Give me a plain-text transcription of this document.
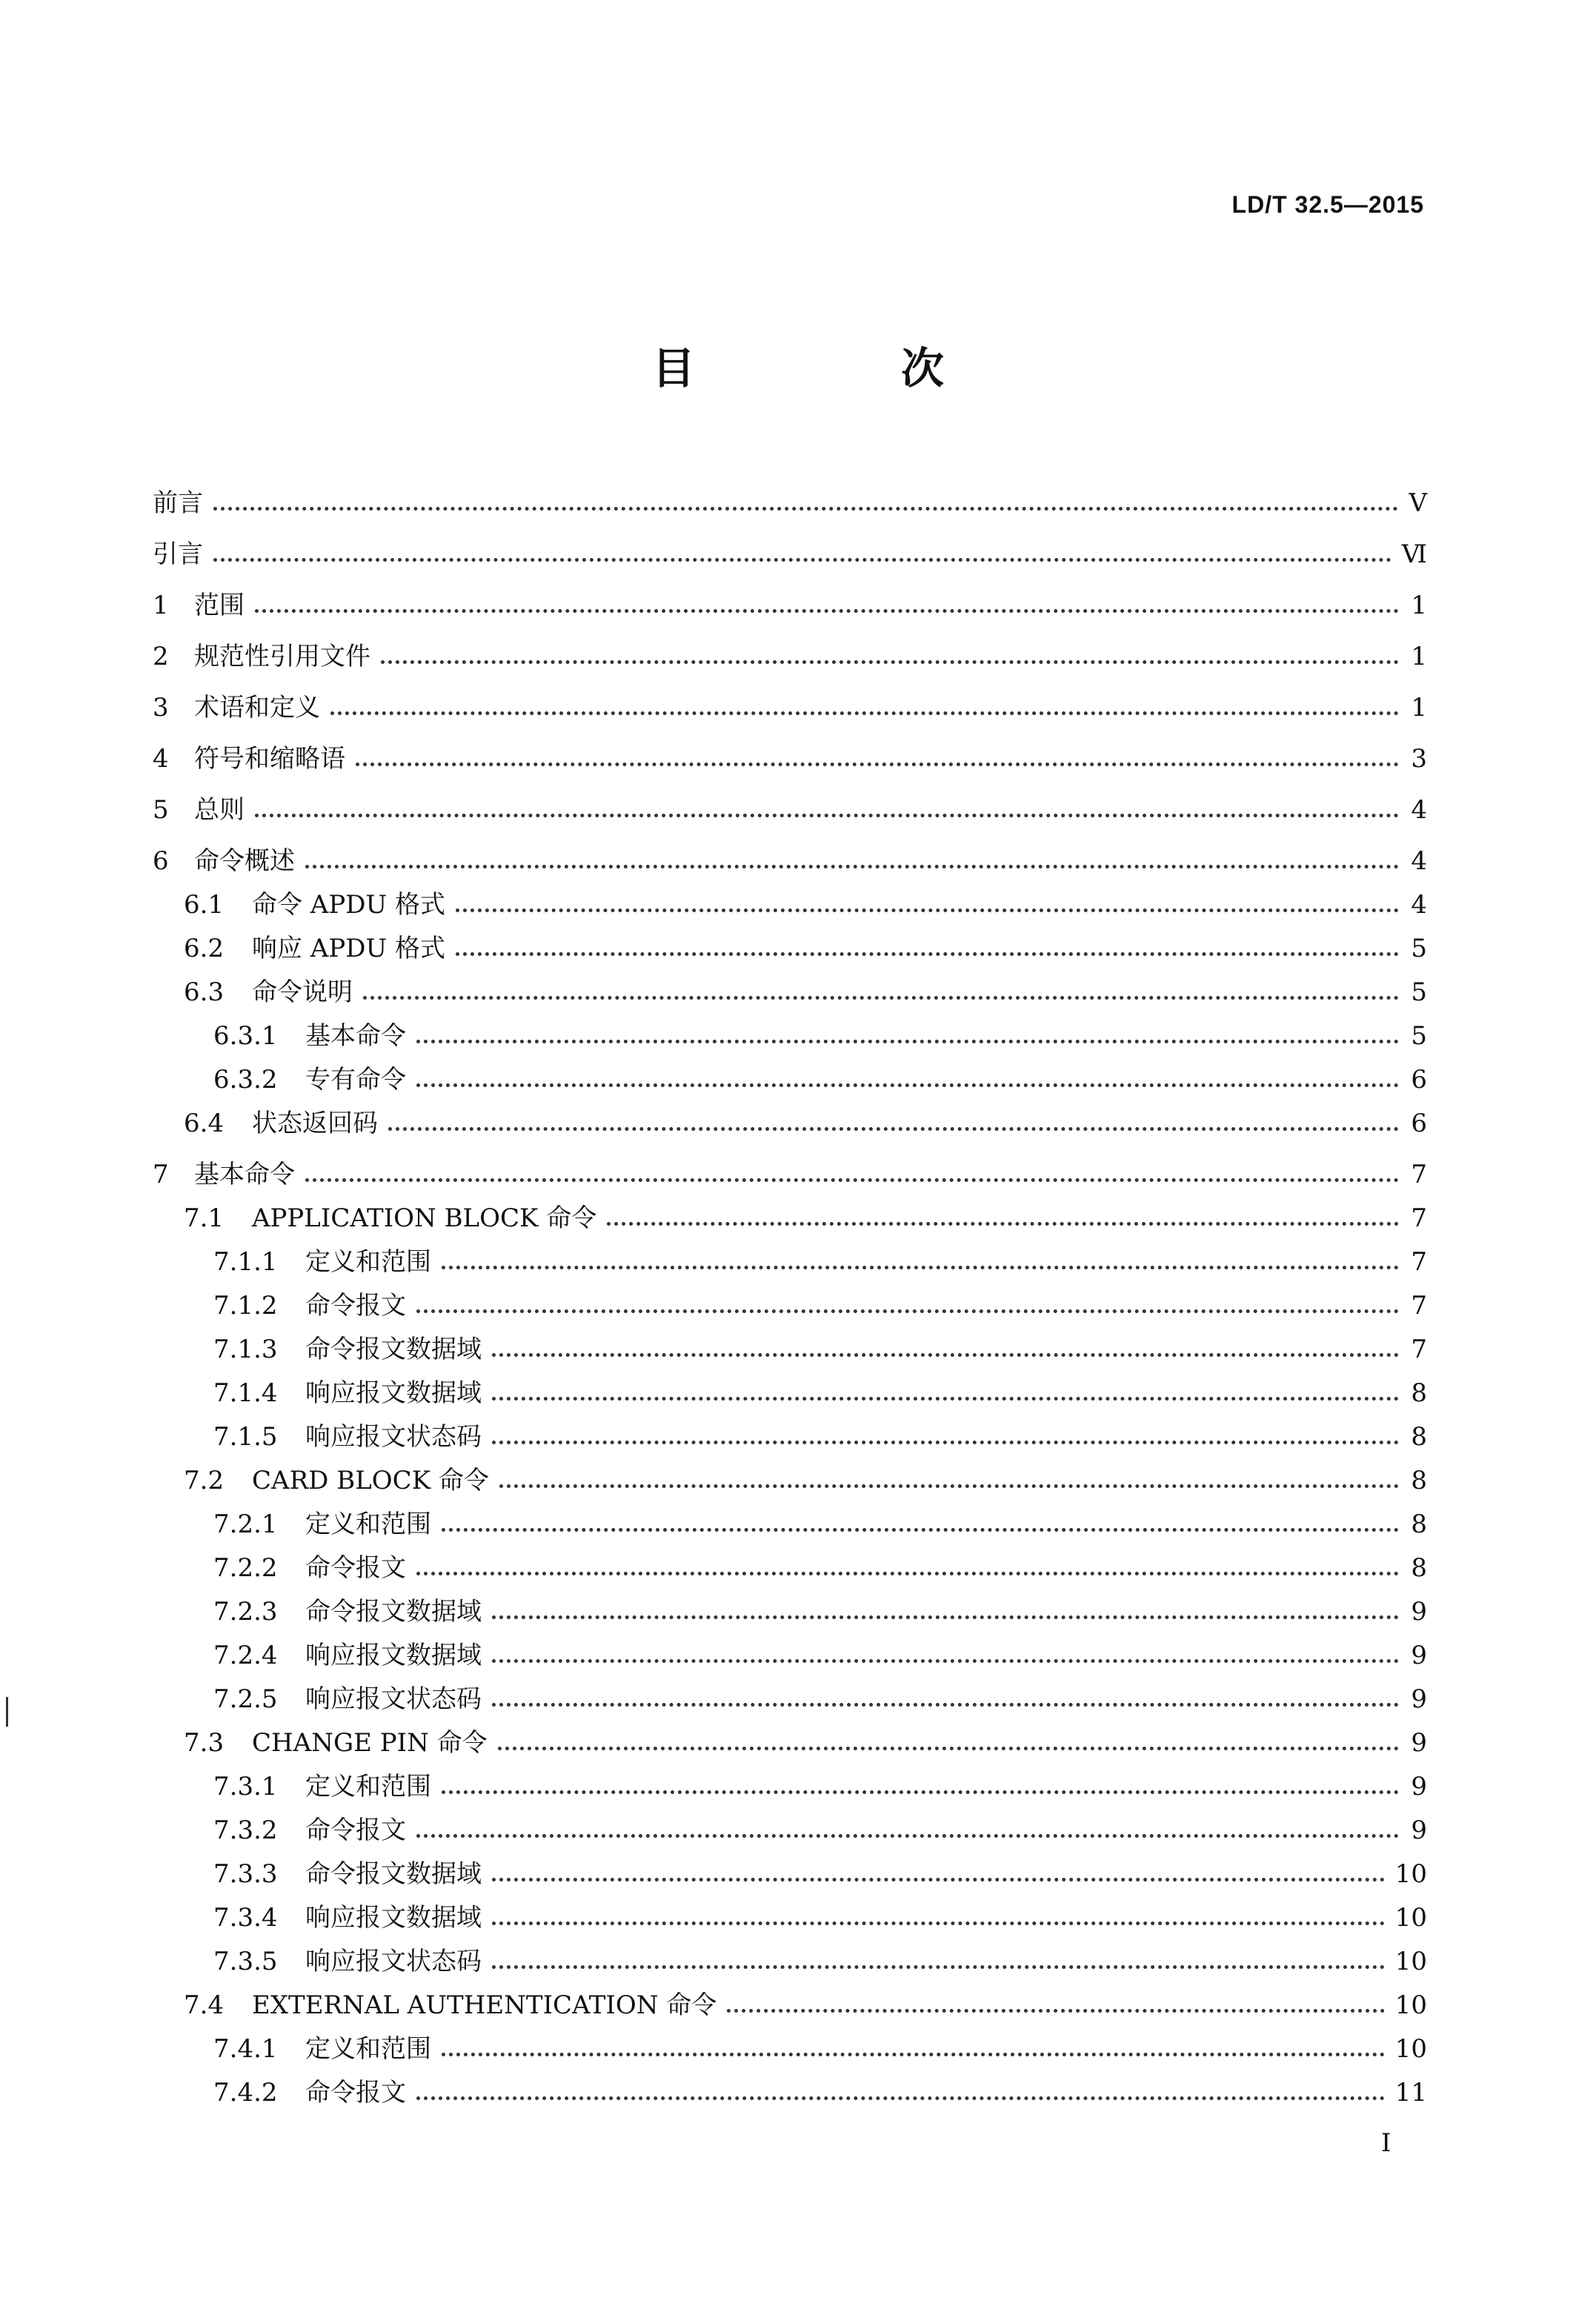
LD/T 32.5—2015
目　次
前言	Ⅴ
引言	Ⅵ
1	范围	1
2	规范性引用文件	1
3	术语和定义	1
4	符号和缩略语	3
5	总则	4
6	命令概述	4
6.1	命令 APDU 格式	4
6.2	响应 APDU 格式	5
6.3	命令说明	5
6.3.1	基本命令	5
6.3.2	专有命令	6
6.4	状态返回码	6
7	基本命令	7
7.1	APPLICATION BLOCK 命令	7
7.1.1	定义和范围	7
7.1.2	命令报文	7
7.1.3	命令报文数据域	7
7.1.4	响应报文数据域	8
7.1.5	响应报文状态码	8
7.2	CARD BLOCK 命令	8
7.2.1	定义和范围	8
7.2.2	命令报文	8
7.2.3	命令报文数据域	9
7.2.4	响应报文数据域	9
7.2.5	响应报文状态码	9
7.3	CHANGE PIN 命令	9
7.3.1	定义和范围	9
7.3.2	命令报文	9
7.3.3	命令报文数据域	10
7.3.4	响应报文数据域	10
7.3.5	响应报文状态码	10
7.4	EXTERNAL AUTHENTICATION 命令	10
7.4.1	定义和范围	10
7.4.2	命令报文	11
Ⅰ
